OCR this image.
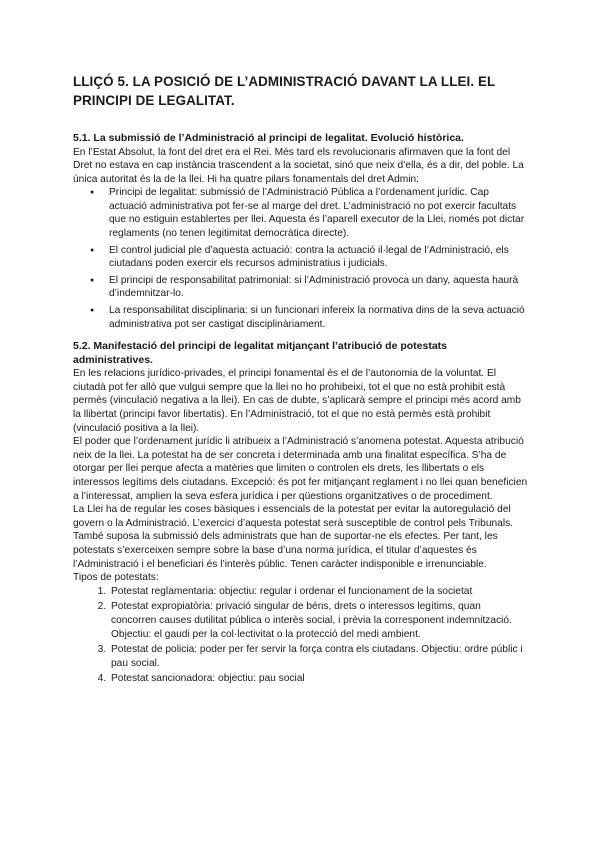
LLIÇÓ 5. LA POSICIÓ DE L’ADMINISTRACIÓ DAVANT LA LLEI. EL PRINCIPI DE LEGALITAT.
5.1. La submissió de l’Administració al principi de legalitat. Evolució històrica.

En l’Estat Absolut, la font del dret era el Rei. Més tard els revolucionaris afirmaven que la font del Dret no estava en cap instància trascendent a la societat, sinó que neix d’ella, és a dir, del poble. La única autoritat és la de la llei. Hi ha quatre pilars fonamentals del dret Admin:

● Principi de legalitat: submissió de l’Administració Pública a l’ordenament jurídic. Cap actuació administrativa pot fer-se al marge del dret. L’administració no pot exercir facultats que no estiguin establertes per llei. Aquesta és l’aparell executor de la Llei, només pot dictar reglaments (no tenen legitimitat democràtica directe).
● El control judicial ple d’aquesta actuació: contra la actuació il·legal de l’Administració, els ciutadans poden exercir els recursos administratius i judicials.
● El principi de responsabilitat patrimonial: si l’Administració provoca un dany, aquesta haurà d’indemnitzar-lo.
● La responsabilitat disciplinaria: si un funcionari infereix la normativa dins de la seva actuació administrativa pot ser castigat disciplinàriament.
5.2. Manifestació del principi de legalitat mitjançant l’atribució de potestats administratives.

En les relacions jurídico-privades, el principi fonamental és el de l’autonomia de la voluntat. El ciutadà pot fer allò que vulgui sempre que la llei no ho prohibeixi, tot el que no està prohibit està permès (vinculació negativa a la llei). En cas de dubte, s’aplicarà sempre el principi més acord amb la llibertat (principi favor libertatis). En l’Administració, tot el que no està permès està prohibit (vinculació positiva a la llei).

El poder que l’ordenament jurídic li atribueix a l’Administració s’anomena potestat. Aquesta atribució neix de la llei. La potestat ha de ser concreta i determinada amb una finalitat específica. S’ha de otorgar per llei perque afecta a matèries que limiten o controlen els drets, les llibertats o els interessos legítims dels ciutadans. Excepció: és pot fer mitjançant reglament i no llei quan beneficien a l’interessat, amplien la seva esfera jurídica i per qüestions organitzatives o de procediment.

La Llei ha de regular les coses bàsiques i essencials de la potestat per evitar la autoregulació del govern o la Administració. L’exercici d’aquesta potestat serà susceptible de control pels Tribunals. També suposa la submissió dels administrats que han de suportar-ne els efectes. Per tant, les potestats s’exerceixen sempre sobre la base d’una norma jurídica, el titular d’aquestes és l’Administració i el beneficiari és l’interès públic. Tenen caràcter indisponible e irrenunciable.

Tipos de potestats:

1. Potestat reglamentaria: objectiu: regular i ordenar el funcionament de la societat
2. Potestat expropiatòria: privació singular de béns, drets o interessos legítims, quan concorren causes dutilitat pública o interès social, i prèvia la corresponent indemnització. Objectiu: el gaudi per la col·lectivitat o la protecció del medi ambient.
3. Potestat de policia: poder per fer servir la força contra els ciutadans. Objectiu: ordre públic i pau social.
4. Potestat sancionadora: objectiu: pau social
